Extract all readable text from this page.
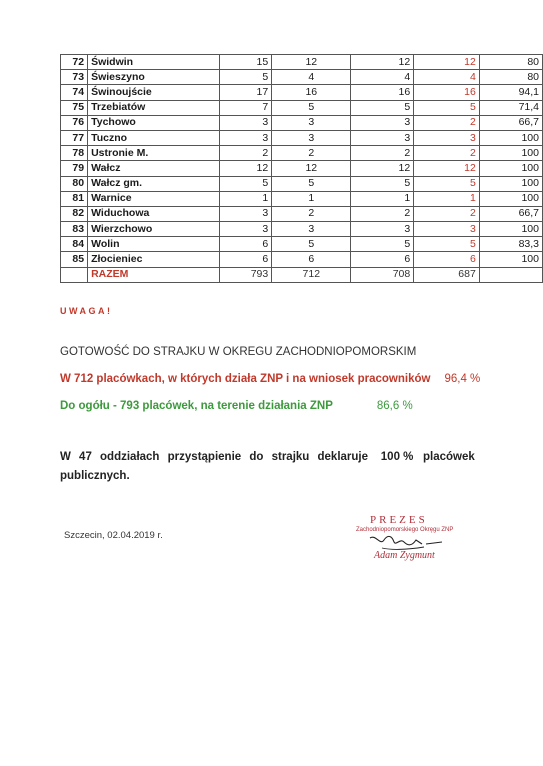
72	Świdwin	15	12	12	12	80
73	Świeszyno	5	4	4	4	80
74	Świnoujście	17	16	16	16	94,1
75	Trzebiatów	7	5	5	5	71,4
76	Tychowo	3	3	3	2	66,7
77	Tuczno	3	3	3	3	100
78	Ustronie M.	2	2	2	2	100
79	Wałcz	12	12	12	12	100
80	Wałcz gm.	5	5	5	5	100
81	Warnice	1	1	1	1	100
82	Widuchowa	3	2	2	2	66,7
83	Wierzchowo	3	3	3	3	100
84	Wolin	6	5	5	5	83,3
85	Złocieniec	6	6	6	6	100
	RAZEM	793	712	708	687	
UWAGA!
GOTOWOŚĆ DO STRAJKU W OKREGU ZACHODNIOPOMORSKIM
W 712 placówkach, w których działa ZNP i na wniosek pracowników 96,4 %
Do ogółu - 793 placówek, na terenie działania ZNP	86,6 %
W 47 oddziałach przystąpienie do strajku deklaruje 100 % placówek publicznych.
Szczecin, 02.04.2019 r.
PREZES
Zachodniopomorskiego Okręgu ZNP
Adam Zygmunt
